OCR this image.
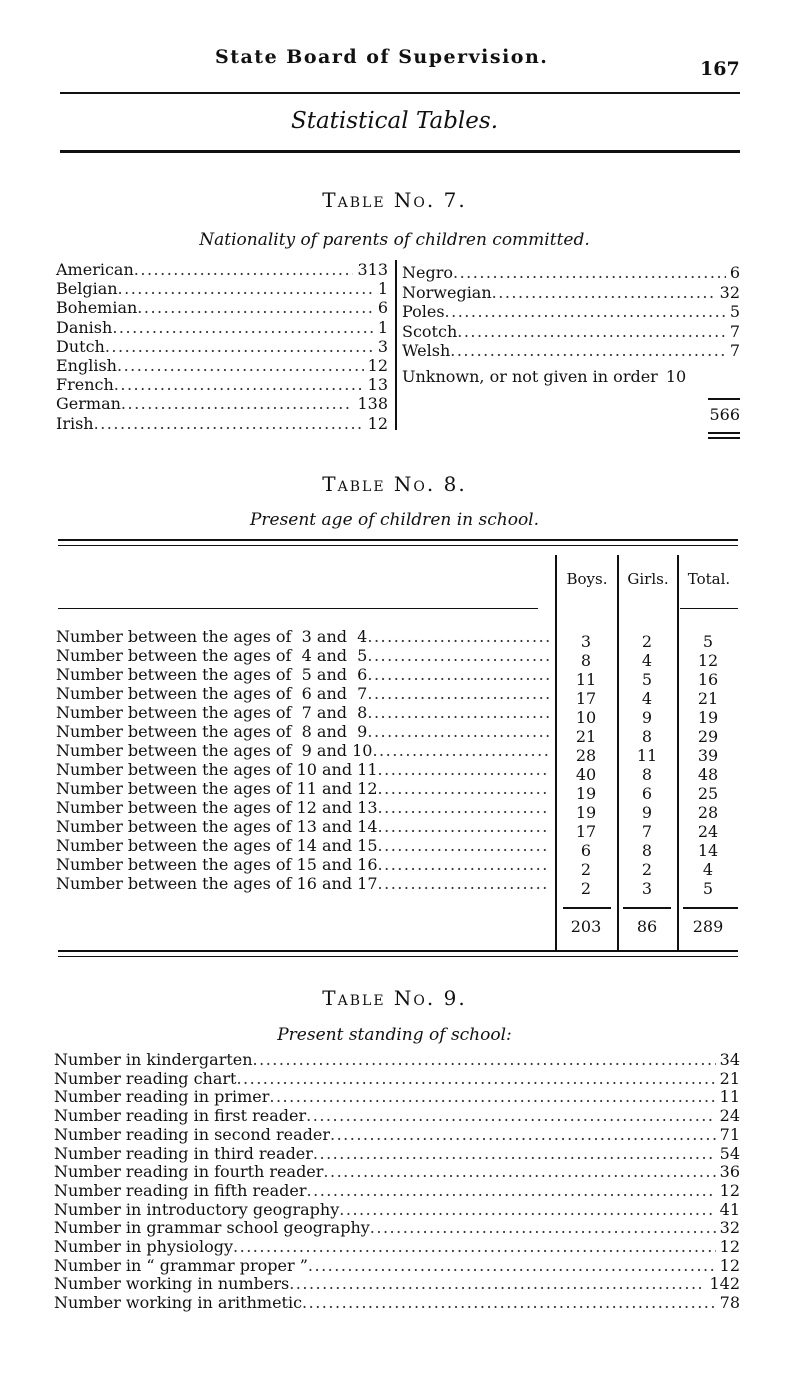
State Board of Supervision.
167
Statistical Tables.
Table No. 7.
Nationality of parents of children committed.
American .....	313
Belgian .....	1
Bohemian .....	6
Danish .....	1
Dutch .....	3
English .....	12
French .....	13
German .....	138
Irish .....	12
Negro .....	6
Norwegian .....	32
Poles .....	5
Scotch .....	7
Welsh .....	7
Unknown, or not given in order 10
566
Table No. 8.
Present age of children in school.
Boys.	Girls.	Total.
Number between the ages of  3 and  4 .....	3	2	5
Number between the ages of  4 and  5 .....	8	4	12
Number between the ages of  5 and  6 .....	11	5	16
Number between the ages of  6 and  7 .....	17	4	21
Number between the ages of  7 and  8 .....	10	9	19
Number between the ages of  8 and  9 .....	21	8	29
Number between the ages of  9 and 10 .....	28	11	39
Number between the ages of 10 and 11 .....	40	8	48
Number between the ages of 11 and 12 .....	19	6	25
Number between the ages of 12 and 13 .....	19	9	28
Number between the ages of 13 and 14 .....	17	7	24
Number between the ages of 14 and 15 .....	6	8	14
Number between the ages of 15 and 16 .....	2	2	4
Number between the ages of 16 and 17 .....	2	3	5
203	86	289
Table No. 9.
Present standing of school:
Number in kindergarten .....	34
Number reading chart .....	21
Number reading in primer .....	11
Number reading in first reader .....	24
Number reading in second reader .....	71
Number reading in third reader .....	54
Number reading in fourth reader .....	36
Number reading in fifth reader .....	12
Number in introductory geography .....	41
Number in grammar school geography .....	32
Number in physiology .....	12
Number in “ grammar proper ” .....	12
Number working in numbers .....	142
Number working in arithmetic .....	78
